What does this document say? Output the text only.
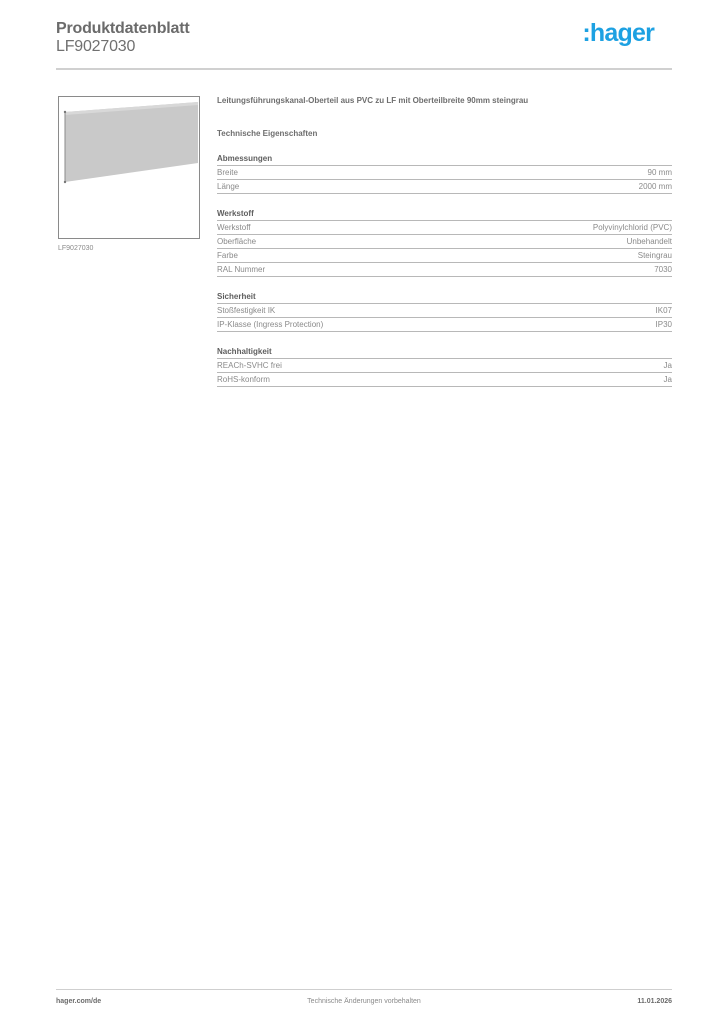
Produktdatenblatt
LF9027030	:hager
LF9027030
Leitungsführungskanal-Oberteil aus PVC zu LF mit Oberteilbreite 90mm steingrau
Technische Eigenschaften
Abmessungen
Breite	90 mm
Länge	2000 mm
Werkstoff
Werkstoff	Polyvinylchlorid (PVC)
Oberfläche	Unbehandelt
Farbe	Steingrau
RAL Nummer	7030
Sicherheit
Stoßfestigkeit IK	IK07
IP-Klasse (Ingress Protection)	IP30
Nachhaltigkeit
REACh-SVHC frei	Ja
RoHS-konform	Ja
hager.com/de	Technische Änderungen vorbehalten	11.01.2026
